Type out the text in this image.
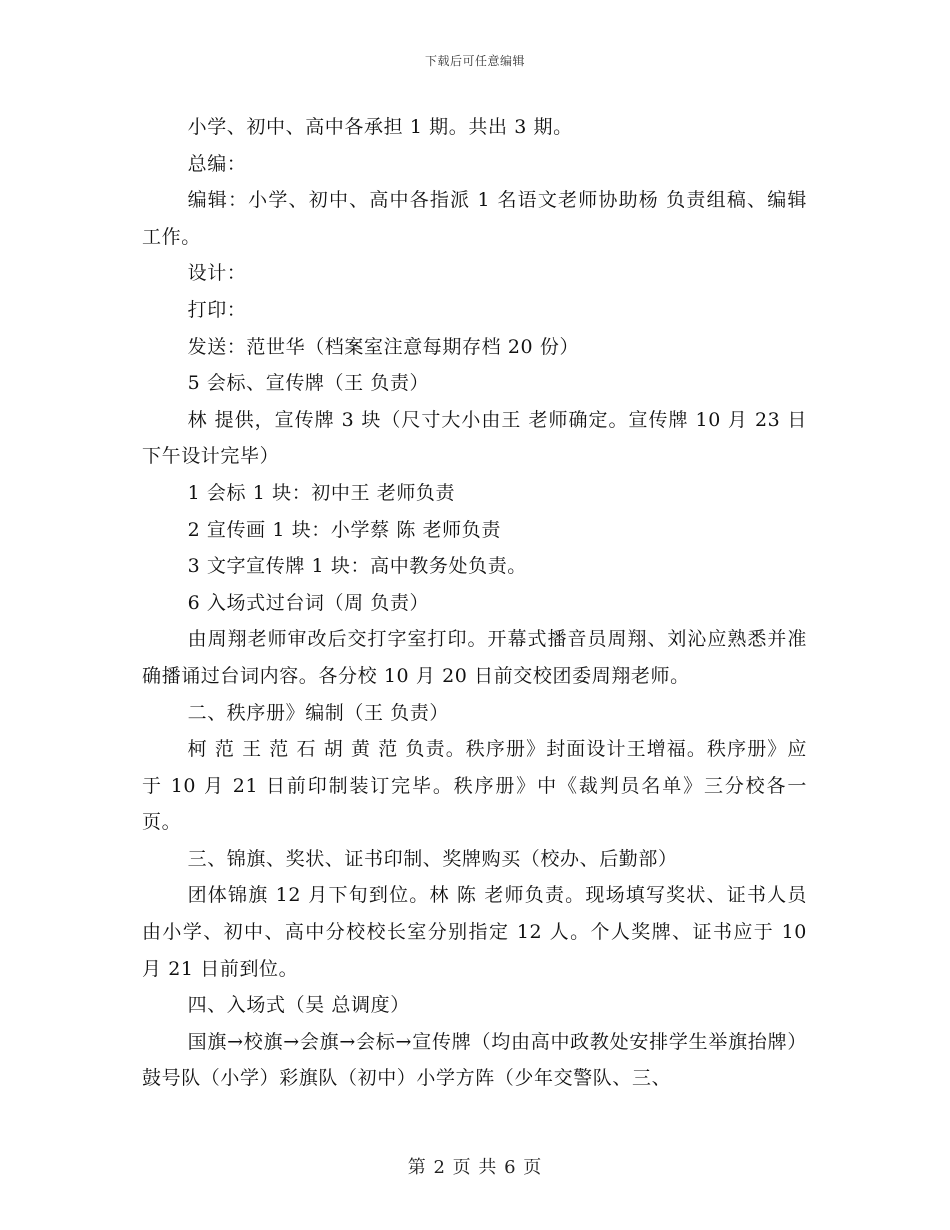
下载后可任意编辑

小学、初中、高中各承担 1 期。共出 3 期。

总编：

编辑：小学、初中、高中各指派 1 名语文老师协助杨 负责组稿、编辑工作。

设计：

打印：

发送：范世华（档案室注意每期存档 20 份）

5 会标、宣传牌（王 负责）

林 提供，宣传牌 3 块（尺寸大小由王 老师确定。宣传牌 10 月 23 日下午设计完毕）

1 会标 1 块：初中王 老师负责

2 宣传画 1 块：小学蔡 陈 老师负责

3 文字宣传牌 1 块：高中教务处负责。

6 入场式过台词（周 负责）

由周翔老师审改后交打字室打印。开幕式播音员周翔、刘沁应熟悉并准确播诵过台词内容。各分校 10 月 20 日前交校团委周翔老师。

二、秩序册》编制（王 负责）

柯 范 王 范 石 胡 黄 范 负责。秩序册》封面设计王增福。秩序册》应于 10 月 21 日前印制装订完毕。秩序册》中《裁判员名单》三分校各一页。

三、锦旗、奖状、证书印制、奖牌购买（校办、后勤部）

团体锦旗 12 月下旬到位。林 陈 老师负责。现场填写奖状、证书人员由小学、初中、高中分校校长室分别指定 12 人。个人奖牌、证书应于 10 月 21 日前到位。

四、入场式（吴 总调度）

国旗→校旗→会旗→会标→宣传牌（均由高中政教处安排学生举旗抬牌）鼓号队（小学）彩旗队（初中）小学方阵（少年交警队、三、

第 2 页 共 6 页
